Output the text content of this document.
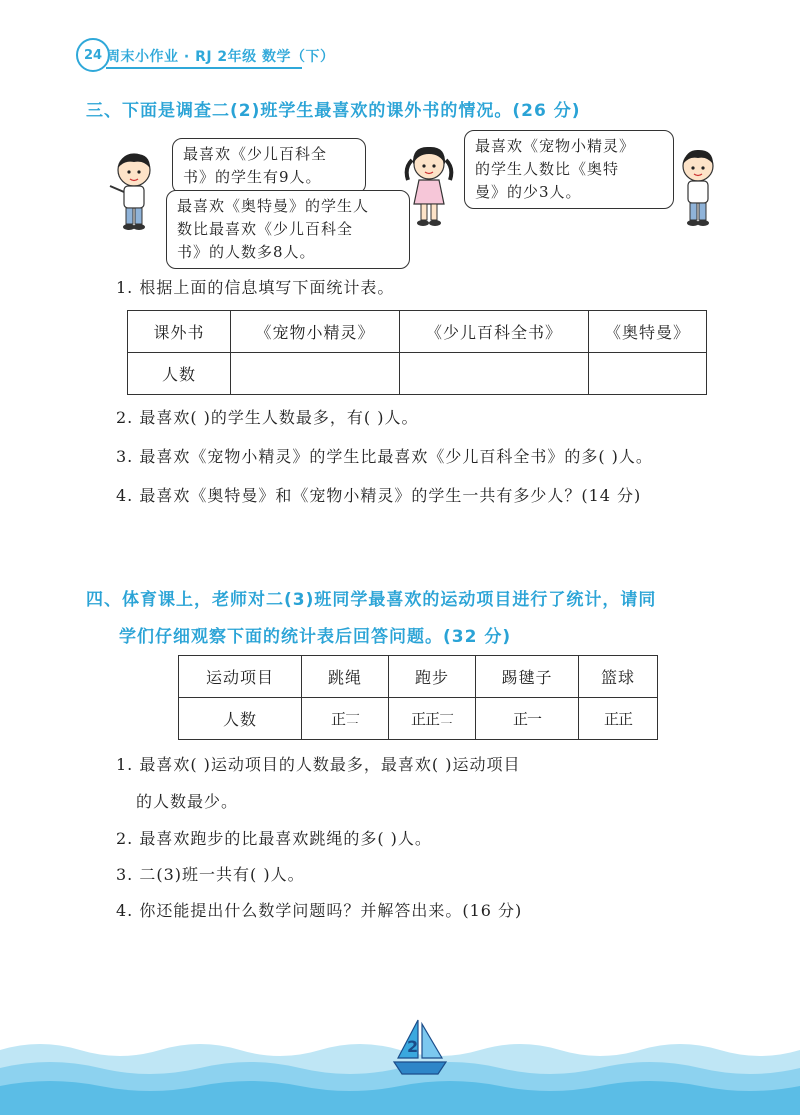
24 周末小作业 · RJ 2年级 数学（下）
三、下面是调查二(2)班学生最喜欢的课外书的情况。(26 分)
最喜欢《少儿百科全
书》的学生有9人。
最喜欢《奥特曼》的学生人
数比最喜欢《少儿百科全
书》的人数多8人。
最喜欢《宠物小精灵》
的学生人数比《奥特
曼》的少3人。
1. 根据上面的信息填写下面统计表。
课外书	《宠物小精灵》	《少儿百科全书》	《奥特曼》
人数			
2. 最喜欢( )的学生人数最多，有( )人。
3. 最喜欢《宠物小精灵》的学生比最喜欢《少儿百科全书》的多( )人。
4. 最喜欢《奥特曼》和《宠物小精灵》的学生一共有多少人？(14 分)
四、体育课上，老师对二(3)班同学最喜欢的运动项目进行了统计，请同
学们仔细观察下面的统计表后回答问题。(32 分)
运动项目	跳绳	跑步	踢毽子	篮球
人数	正𠄟	正正𠄟	正一	正正
1. 最喜欢( )运动项目的人数最多，最喜欢( )运动项目
的人数最少。
2. 最喜欢跑步的比最喜欢跳绳的多( )人。
3. 二(3)班一共有( )人。
4. 你还能提出什么数学问题吗？并解答出来。(16 分)
2
